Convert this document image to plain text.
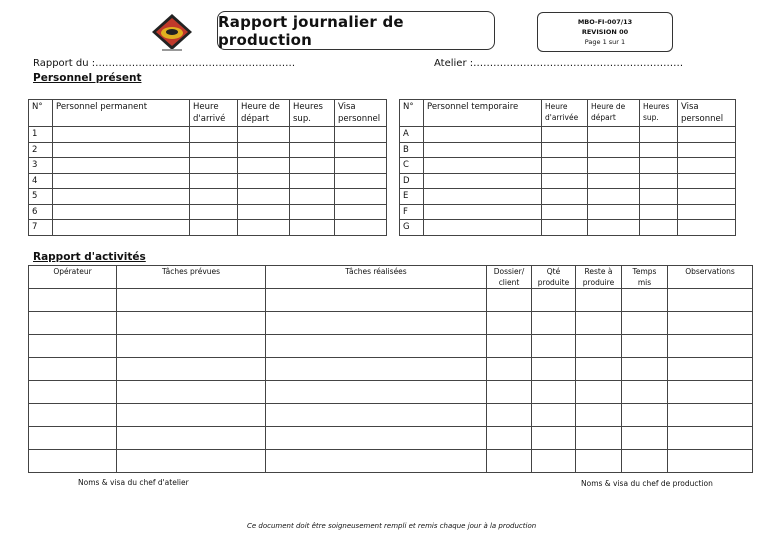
Rapport journalier de production
MBO-FI-007/13
REVISION 00
Page 1 sur 1
Rapport du :……………………………………………………	Atelier :………………………………………………………
Personnel présent
N°	Personnel permanent	Heure d'arrivé	Heure de départ	Heures sup.	Visa personnel
1					
2					
3					
4					
5					
6					
7					
N°	Personnel temporaire	Heure d'arrivée	Heure de départ	Heures sup.	Visa personnel
A					
B					
C					
D					
E					
F					
G					
Rapport d'activités
Opérateur	Tâches prévues	Tâches réalisées	Dossier/ client	Qté produite	Reste à produire	Temps mis	Observations

Noms & visa du chef d'atelier	Noms & visa du chef de production
Ce document doit être soigneusement rempli et remis chaque jour à la production
